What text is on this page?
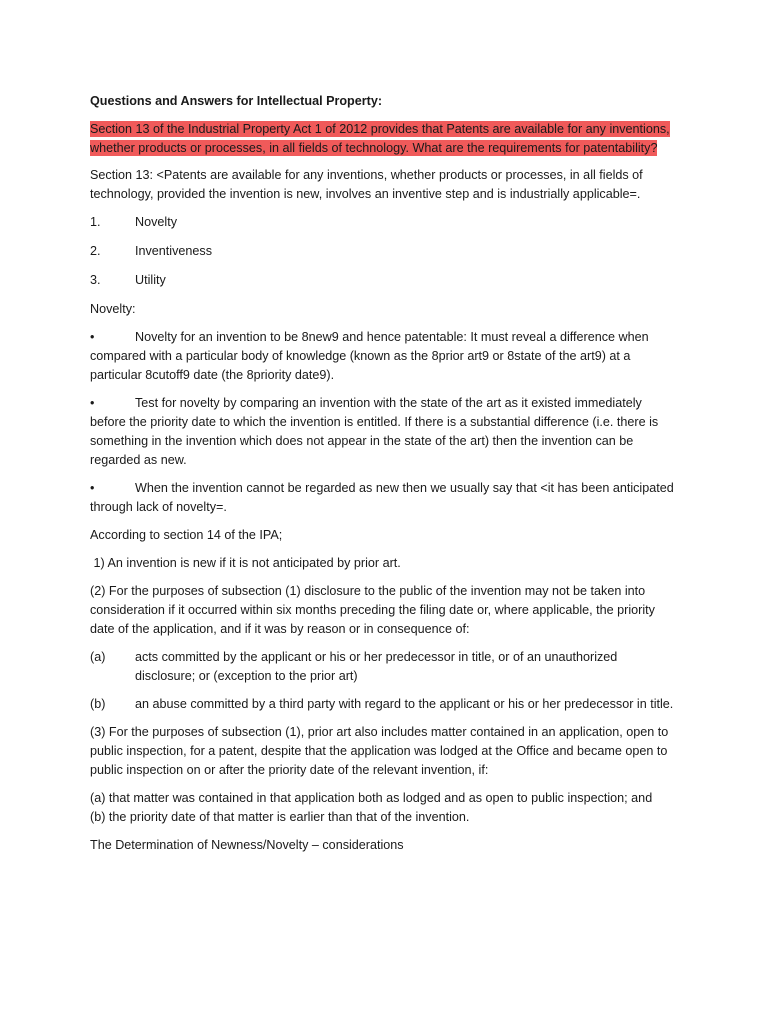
Questions and Answers for Intellectual Property:

Section 13 of the Industrial Property Act 1 of 2012 provides that Patents are available for any inventions, whether products or processes, in all fields of technology. What are the requirements for patentability?

Section 13: <Patents are available for any inventions, whether products or processes, in all fields of technology, provided the invention is new, involves an inventive step and is industrially applicable=.

1.	Novelty
2.	Inventiveness
3.	Utility

Novelty:

•	Novelty for an invention to be 8new9 and hence patentable: It must reveal a difference when compared with a particular body of knowledge (known as the 8prior art9 or 8state of the art9) at a particular 8cutoff9 date (the 8priority date9).

•	Test for novelty by comparing an invention with the state of the art as it existed immediately before the priority date to which the invention is entitled. If there is a substantial difference (i.e. there is something in the invention which does not appear in the state of the art) then the invention can be regarded as new.

•	When the invention cannot be regarded as new then we usually say that <it has been anticipated through lack of novelty=.

According to section 14 of the IPA;

1) An invention is new if it is not anticipated by prior art.

(2) For the purposes of subsection (1) disclosure to the public of the invention may not be taken into consideration if it occurred within six months preceding the filing date or, where applicable, the priority date of the application, and if it was by reason or in consequence of:

(a)	acts committed by the applicant or his or her predecessor in title, or of an unauthorized disclosure; or (exception to the prior art)

(b) an abuse committed by a third party with regard to the applicant or his or her predecessor in title.

(3) For the purposes of subsection (1), prior art also includes matter contained in an application, open to public inspection, for a patent, despite that the application was lodged at the Office and became open to public inspection on or after the priority date of the relevant invention, if:

(a) that matter was contained in that application both as lodged and as open to public inspection; and
(b) the priority date of that matter is earlier than that of the invention.

The Determination of Newness/Novelty – considerations
